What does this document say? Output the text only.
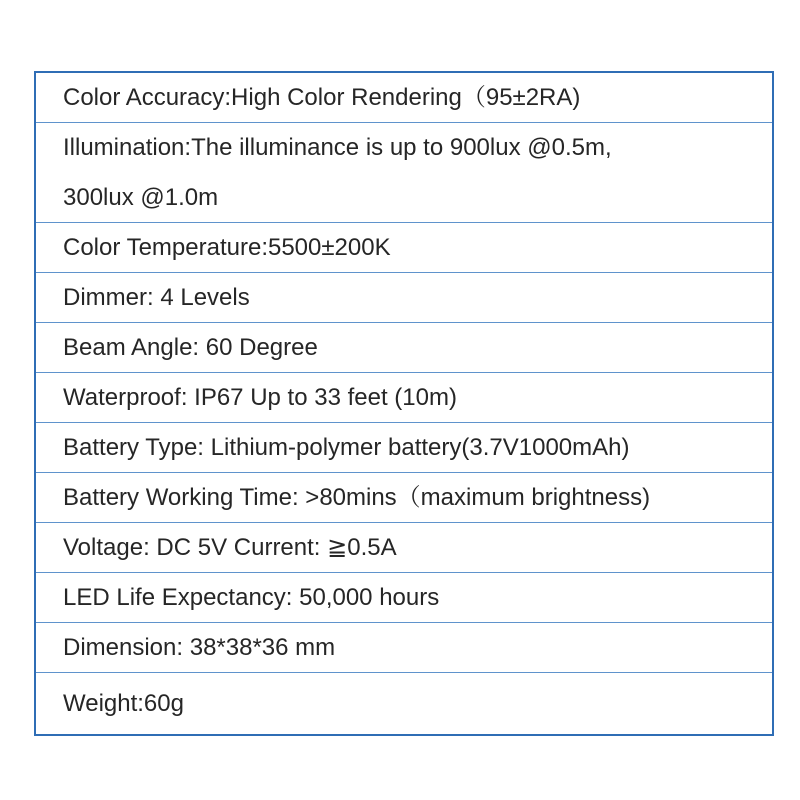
Color Accuracy:High Color Rendering（95±2RA)
Illumination:The illuminance is up to 900lux @0.5m,
300lux @1.0m
Color Temperature:5500±200K
Dimmer: 4 Levels
Beam Angle: 60 Degree
Waterproof: IP67 Up to 33 feet (10m)
Battery Type: Lithium-polymer battery(3.7V1000mAh)
Battery Working Time: >80mins（maximum brightness)
Voltage: DC 5V Current: ≧0.5A
LED Life Expectancy: 50,000 hours
Dimension: 38*38*36 mm
Weight:60g
